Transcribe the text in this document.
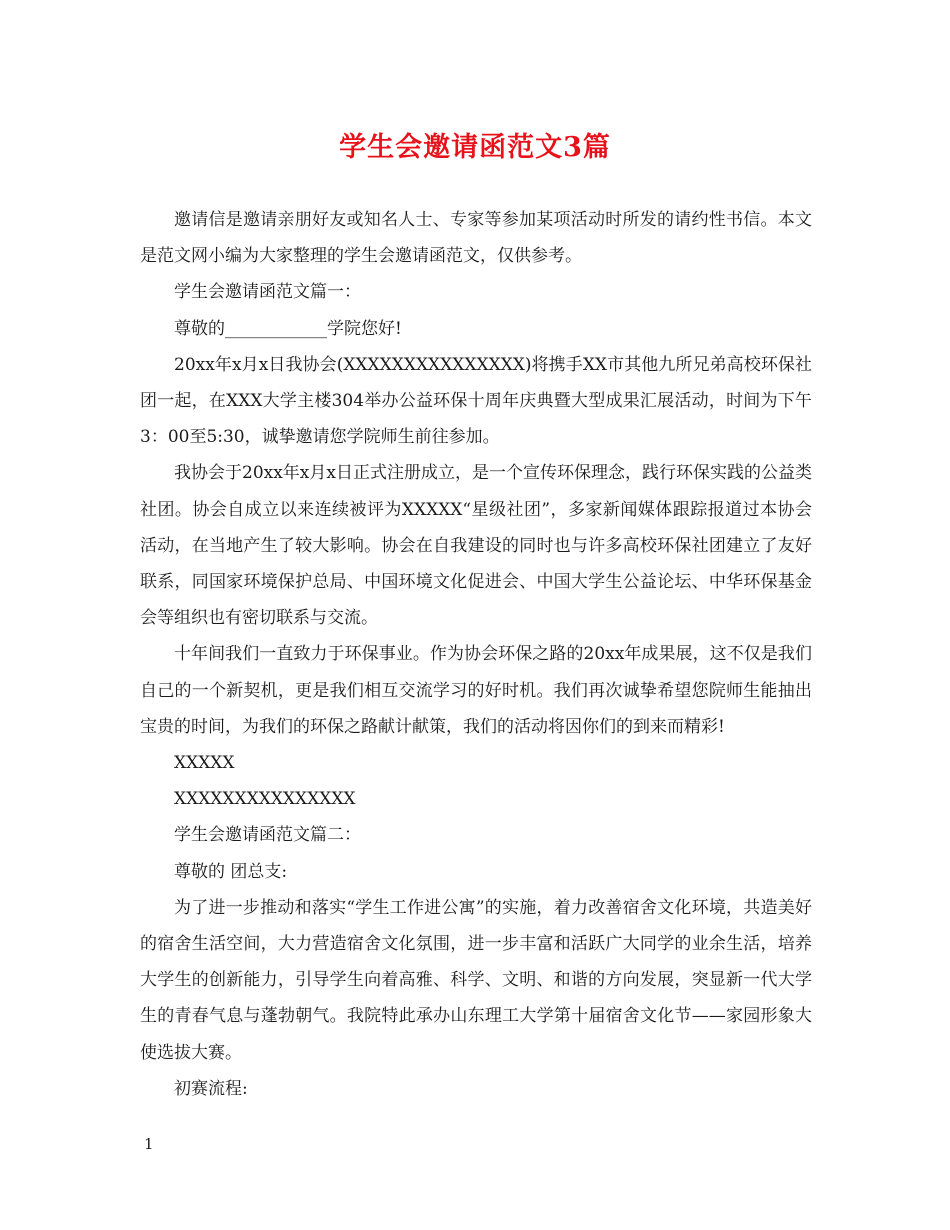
学生会邀请函范文3篇

邀请信是邀请亲朋好友或知名人士、专家等参加某项活动时所发的请约性书信。本文是范文网小编为大家整理的学生会邀请函范文，仅供参考。

学生会邀请函范文篇一：

尊敬的____________学院您好!

20xx年x月x日我协会(XXXXXXXXXXXXXXX)将携手XX市其他九所兄弟高校环保社团一起，在XXX大学主楼304举办公益环保十周年庆典暨大型成果汇展活动，时间为下午3：00至5:30，诚挚邀请您学院师生前往参加。

我协会于20xx年x月x日正式注册成立，是一个宣传环保理念，践行环保实践的公益类社团。协会自成立以来连续被评为XXXXX“星级社团”，多家新闻媒体跟踪报道过本协会活动，在当地产生了较大影响。协会在自我建设的同时也与许多高校环保社团建立了友好联系，同国家环境保护总局、中国环境文化促进会、中国大学生公益论坛、中华环保基金会等组织也有密切联系与交流。

十年间我们一直致力于环保事业。作为协会环保之路的20xx年成果展，这不仅是我们自己的一个新契机，更是我们相互交流学习的好时机。我们再次诚挚希望您院师生能抽出宝贵的时间，为我们的环保之路献计献策，我们的活动将因你们的到来而精彩!

XXXXX

XXXXXXXXXXXXXXX

学生会邀请函范文篇二：

尊敬的 团总支:

为了进一步推动和落实“学生工作进公寓”的实施，着力改善宿舍文化环境，共造美好的宿舍生活空间，大力营造宿舍文化氛围，进一步丰富和活跃广大同学的业余生活，培养大学生的创新能力，引导学生向着高雅、科学、文明、和谐的方向发展，突显新一代大学生的青春气息与蓬勃朝气。我院特此承办山东理工大学第十届宿舍文化节——家园形象大使选拔大赛。

初赛流程:

1
